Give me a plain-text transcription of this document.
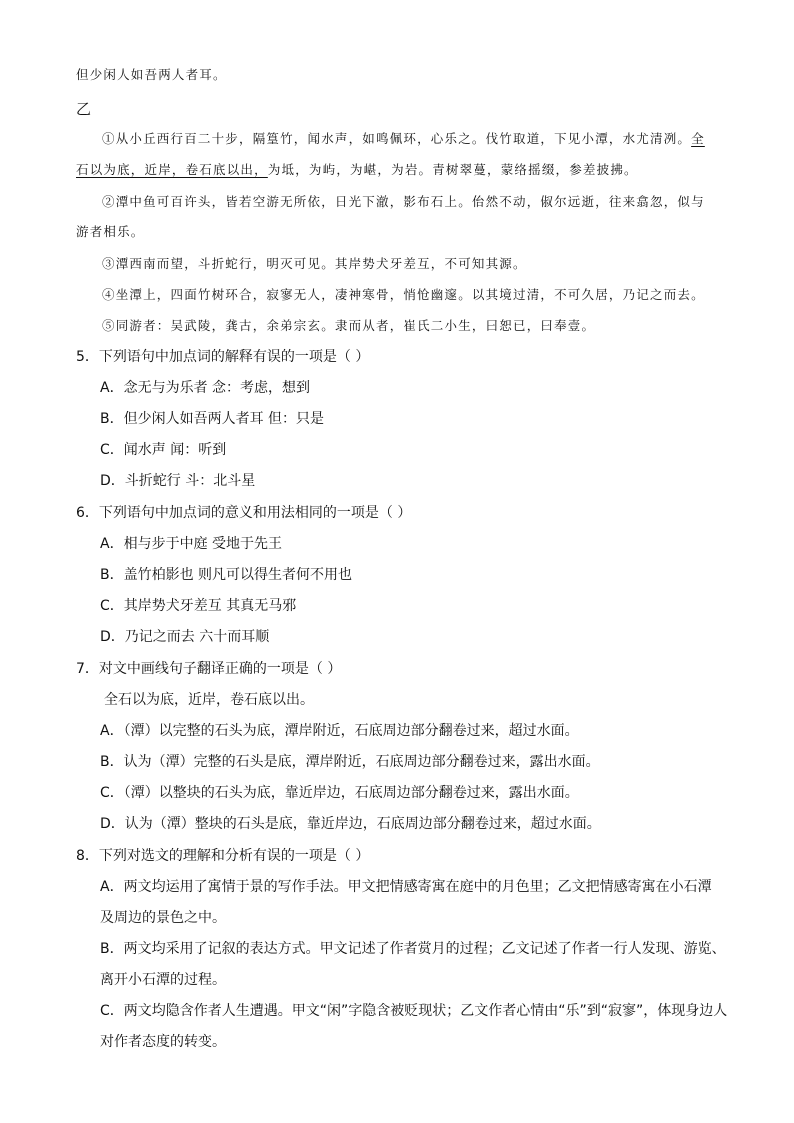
但少闲人如吾两人者耳。
乙
①从小丘西行百二十步，隔篁竹，闻水声，如鸣佩环，心乐之。伐竹取道，下见小潭，水尤清冽。全
石以为底，近岸，卷石底以出，为坻，为屿，为嵁，为岩。青树翠蔓，蒙络摇缀，参差披拂。
②潭中鱼可百许头，皆若空游无所依，日光下澈，影布石上。佁然不动，俶尔远逝，往来翕忽，似与
游者相乐。
③潭西南而望，斗折蛇行，明灭可见。其岸势犬牙差互，不可知其源。
④坐潭上，四面竹树环合，寂寥无人，凄神寒骨，悄怆幽邃。以其境过清，不可久居，乃记之而去。
⑤同游者：吴武陵，龚古，余弟宗玄。隶而从者，崔氏二小生，曰恕已，曰奉壹。
5．下列语句中加点词的解释有误的一项是（ ）
A．念无与为乐者 念：考虑，想到
B．但少闲人如吾两人者耳 但：只是
C．闻水声 闻：听到
D．斗折蛇行 斗：北斗星
6．下列语句中加点词的意义和用法相同的一项是（ ）
A．相与步于中庭 受地于先王
B．盖竹柏影也 则凡可以得生者何不用也
C．其岸势犬牙差互 其真无马邪
D．乃记之而去 六十而耳顺
7．对文中画线句子翻译正确的一项是（ ）
全石以为底，近岸，卷石底以出。
A．（潭）以完整的石头为底，潭岸附近，石底周边部分翻卷过来，超过水面。
B．认为（潭）完整的石头是底，潭岸附近，石底周边部分翻卷过来，露出水面。
C．（潭）以整块的石头为底，靠近岸边，石底周边部分翻卷过来，露出水面。
D．认为（潭）整块的石头是底，靠近岸边，石底周边部分翻卷过来，超过水面。
8．下列对选文的理解和分析有误的一项是（ ）
A．两文均运用了寓情于景的写作手法。甲文把情感寄寓在庭中的月色里；乙文把情感寄寓在小石潭
及周边的景色之中。
B．两文均采用了记叙的表达方式。甲文记述了作者赏月的过程；乙文记述了作者一行人发现、游览、
离开小石潭的过程。
C．两文均隐含作者人生遭遇。甲文“闲”字隐含被贬现状；乙文作者心情由“乐”到“寂寥”，体现身边人
对作者态度的转变。
